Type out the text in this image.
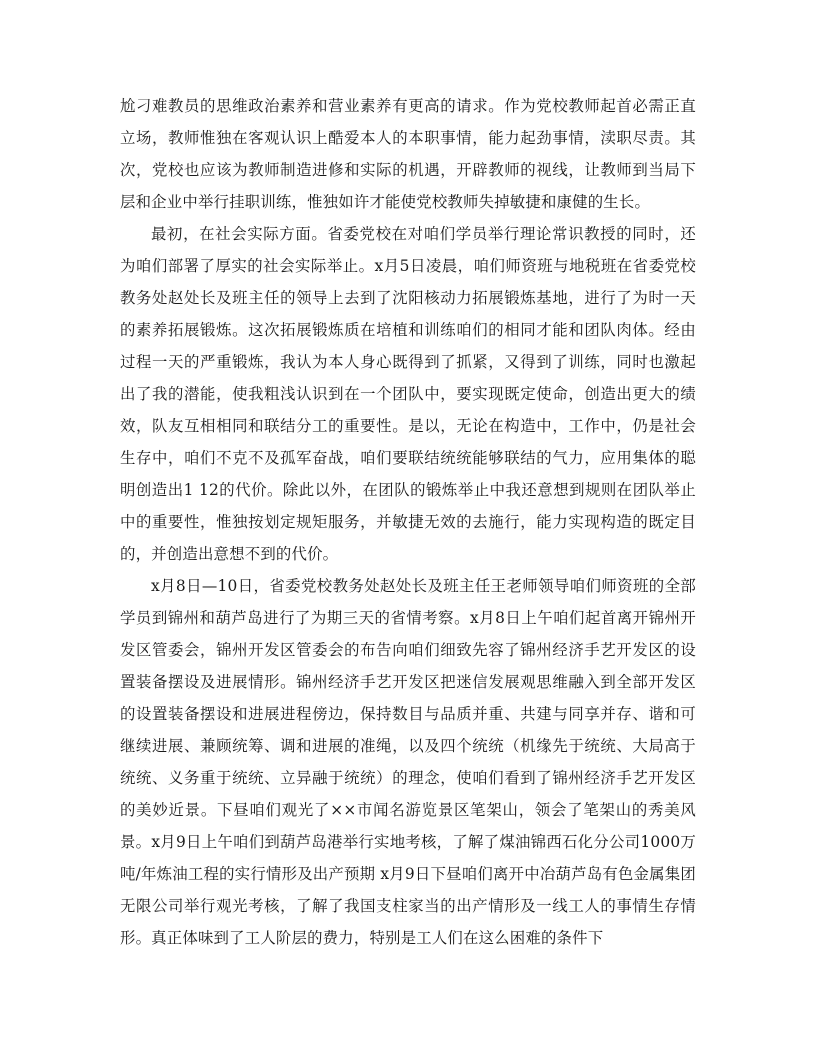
尬刁难教员的思维政治素养和营业素养有更高的请求。作为党校教师起首必需正直立场，教师惟独在客观认识上酷爱本人的本职事情，能力起劲事情，渎职尽责。其次，党校也应该为教师制造进修和实际的机遇，开辟教师的视线，让教师到当局下层和企业中举行挂职训练，惟独如许才能使党校教师失掉敏捷和康健的生长。

最初，在社会实际方面。省委党校在对咱们学员举行理论常识教授的同时，还为咱们部署了厚实的社会实际举止。x月5日凌晨，咱们师资班与地税班在省委党校教务处赵处长及班主任的领导上去到了沈阳核动力拓展锻炼基地，进行了为时一天的素养拓展锻炼。这次拓展锻炼质在培植和训练咱们的相同才能和团队肉体。经由过程一天的严重锻炼，我认为本人身心既得到了抓紧，又得到了训练，同时也激起出了我的潜能，使我粗浅认识到在一个团队中，要实现既定使命，创造出更大的绩效，队友互相相同和联结分工的重要性。是以，无论在构造中，工作中，仍是社会生存中，咱们不克不及孤军奋战，咱们要联结统统能够联结的气力，应用集体的聪明创造出1 12的代价。除此以外，在团队的锻炼举止中我还意想到规则在团队举止中的重要性，惟独按划定规矩服务，并敏捷无效的去施行，能力实现构造的既定目的，并创造出意想不到的代价。

x月8日—10日，省委党校教务处赵处长及班主任王老师领导咱们师资班的全部学员到锦州和葫芦岛进行了为期三天的省情考察。x月8日上午咱们起首离开锦州开发区管委会，锦州开发区管委会的布告向咱们细致先容了锦州经济手艺开发区的设置装备摆设及进展情形。锦州经济手艺开发区把迷信发展观思维融入到全部开发区的设置装备摆设和进展进程傍边，保持数目与品质并重、共建与同享并存、谐和可继续进展、兼顾统筹、调和进展的准绳，以及四个统统（机缘先于统统、大局高于统统、义务重于统统、立异融于统统）的理念，使咱们看到了锦州经济手艺开发区的美妙近景。下昼咱们观光了××市闻名游览景区笔架山，领会了笔架山的秀美风景。x月9日上午咱们到葫芦岛港举行实地考核，了解了煤油锦西石化分公司1000万吨/年炼油工程的实行情形及出产预期 x月9日下昼咱们离开中冶葫芦岛有色金属集团无限公司举行观光考核，了解了我国支柱家当的出产情形及一线工人的事情生存情形。真正体味到了工人阶层的费力，特别是工人们在这么困难的条件下
